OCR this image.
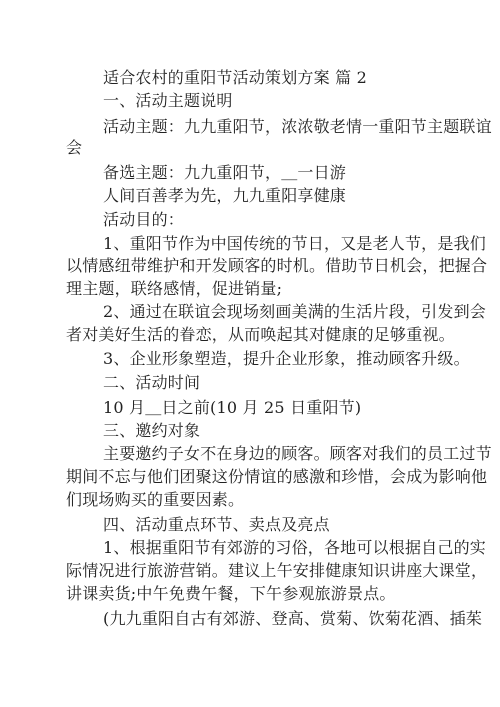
适合农村的重阳节活动策划方案 篇 2
一、活动主题说明
活动主题：九九重阳节，浓浓敬老情一重阳节主题联谊
会
备选主题：九九重阳节，＿一日游
人间百善孝为先，九九重阳享健康
活动目的：
1、重阳节作为中国传统的节日，又是老人节，是我们
以情感纽带维护和开发顾客的时机。借助节日机会，把握合
理主题，联络感情，促进销量;
2、通过在联谊会现场刻画美满的生活片段，引发到会
者对美好生活的眷恋，从而唤起其对健康的足够重视。
3、企业形象塑造，提升企业形象，推动顾客升级。
二、活动时间
10 月＿日之前(10 月 25 日重阳节)
三、邀约对象
主要邀约子女不在身边的顾客。顾客对我们的员工过节
期间不忘与他们团聚这份情谊的感激和珍惜，会成为影响他
们现场购买的重要因素。
四、活动重点环节、卖点及亮点
1、根据重阳节有郊游的习俗，各地可以根据自己的实
际情况进行旅游营销。建议上午安排健康知识讲座大课堂，
讲课卖货;中午免费午餐，下午参观旅游景点。
(九九重阳自古有郊游、登高、赏菊、饮菊花酒、插茱
